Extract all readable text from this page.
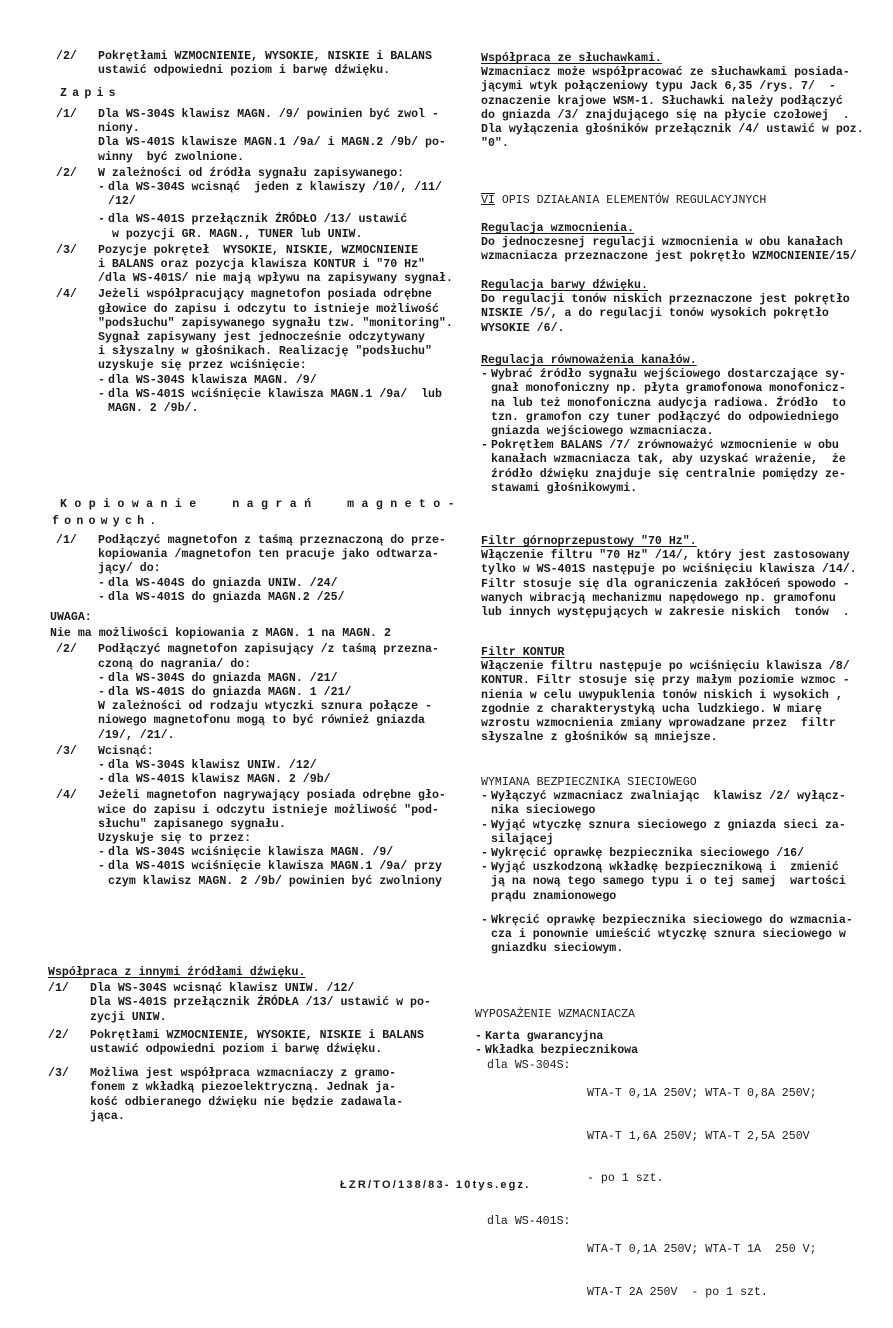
/2/ Pokrętłami WZMOCNIENIE, WYSOKIE, NISKIE i BALANS
ustawić odpowiedni poziom i barwę dźwięku.
Zapis
/1/ Dla WS-304S klawisz MAGN. /9/ powinien być zwol -
niony.
Dla WS-401S klawisze MAGN.1 /9a/ i MAGN.2 /9b/ po-
winny  być zwolnione.
/2/ W zależności od źródła sygnału zapisywanego:
- dla WS-304S wcisnąć  jeden z klawiszy /10/, /11/
/12/
- dla WS-401S przełącznik ŹRÓDŁO /13/ ustawić
w pozycji GR. MAGN., TUNER lub UNIW.
/3/ Pozycje pokręteł  WYSOKIE, NISKIE, WZMOCNIENIE
i BALANS oraz pozycja klawisza KONTUR i "70 Hz"
/dla WS-401S/ nie mają wpływu na zapisywany sygnał.
/4/ Jeżeli współpracujący magnetofon posiada odrębne
głowice do zapisu i odczytu to istnieje możliwość
"podsłuchu" zapisywanego sygnału tzw. "monitoring".
Sygnał zapisywany jest jednocześnie odczytywany
i słyszalny w głośnikach. Realizację "podsłuchu"
uzyskuje się przez wciśnięcie:
- dla WS-304S klawisza MAGN. /9/
- dla WS-401S wciśnięcie klawisza MAGN.1 /9a/  lub
MAGN. 2 /9b/.
Kopiowanie  nagrań  magneto-
fonowych.
/1/ Podłączyć magnetofon z taśmą przeznaczoną do prze-
kopiowania /magnetofon ten pracuje jako odtwarza-
jący/ do:
- dla WS-404S do gniazda UNIW. /24/
- dla WS-401S do gniazda MAGN.2 /25/
UWAGA:
Nie ma możliwości kopiowania z MAGN. 1 na MAGN. 2
/2/ Podłączyć magnetofon zapisujący /z taśmą przezna-
czoną do nagrania/ do:
- dla WS-304S do gniazda MAGN. /21/
- dla WS-401S do gniazda MAGN. 1 /21/
W zależności od rodzaju wtyczki sznura połącze -
niowego magnetofonu mogą to być również gniazda
/19/, /21/.
/3/ Wcisnąć:
- dla WS-304S klawisz UNIW. /12/
- dla WS-401S klawisz MAGN. 2 /9b/
/4/ Jeżeli magnetofon nagrywający posiada odrębne gło-
wice do zapisu i odczytu istnieje możliwość "pod-
słuchu" zapisanego sygnału.
Uzyskuje się to przez:
- dla WS-304S wciśnięcie klawisza MAGN. /9/
- dla WS-401S wciśnięcie klawisza MAGN.1 /9a/ przy
czym klawisz MAGN. 2 /9b/ powinien być zwolniony
Współpraca z innymi źródłami dźwięku.
/1/ Dla WS-304S wcisnąć klawisz UNIW. /12/
Dla WS-401S przełącznik ŹRÓDŁA /13/ ustawić w po-
zycji UNIW.
/2/ Pokrętłami WZMOCNIENIE, WYSOKIE, NISKIE i BALANS
ustawić odpowiedni poziom i barwę dźwięku.
/3/ Możliwa jest współpraca wzmacniaczy z gramo-
fonem z wkładką piezoelektryczną. Jednak ja-
kość odbieranego dźwięku nie będzie zadawala-
jąca.
Współpraca ze słuchawkami.
Wzmacniacz może współpracować ze słuchawkami posiada-
jącymi wtyk połączeniowy typu Jack 6,35 /rys. 7/  -
oznaczenie krajowe WSM-1. Słuchawki należy podłączyć
do gniazda /3/ znajdującego się na płycie czołowej  .
Dla wyłączenia głośników przełącznik /4/ ustawić w poz.
"0".
VI OPIS DZIAŁANIA ELEMENTÓW REGULACYJNYCH
Regulacja wzmocnienia.
Do jednoczesnej regulacji wzmocnienia w obu kanałach
wzmacniacza przeznaczone jest pokrętło WZMOCNIENIE/15/
Regulacja barwy dźwięku.
Do regulacji tonów niskich przeznaczone jest pokrętło
NISKIE /5/, a do regulacji tonów wysokich pokrętło
WYSOKIE /6/.
Regulacja równoważenia kanałów.
- Wybrać źródło sygnału wejściowego dostarczające sy-
gnał monofoniczny np. płyta gramofonowa monofonicz-
na lub też monofoniczna audycja radiowa. Źródło  to
tzn. gramofon czy tuner podłączyć do odpowiedniego
gniazda wejściowego wzmacniacza.
- Pokrętłem BALANS /7/ zrównoważyć wzmocnienie w obu
kanałach wzmacniacza tak, aby uzyskać wrażenie,  że
źródło dźwięku znajduje się centralnie pomiędzy ze-
stawami głośnikowymi.
Filtr górnoprzepustowy "70 Hz".
Włączenie filtru "70 Hz" /14/, który jest zastosowany
tylko w WS-401S następuje po wciśnięciu klawisza /14/.
Filtr stosuje się dla ograniczenia zakłóceń spowodo -
wanych wibracją mechanizmu napędowego np. gramofonu
lub innych występujących w zakresie niskich  tonów  .
Filtr KONTUR
Włączenie filtru następuje po wciśnięciu klawisza /8/
KONTUR. Filtr stosuje się przy małym poziomie wzmoc -
nienia w celu uwypuklenia tonów niskich i wysokich ,
zgodnie z charakterystyką ucha ludzkiego. W miarę
wzrostu wzmocnienia zmiany wprowadzane przez  filtr
słyszalne z głośników są mniejsze.
WYMIANA BEZPIECZNIKA SIECIOWEGO
- Wyłączyć wzmacniacz zwalniając  klawisz /2/ wyłącz-
nika sieciowego
- Wyjąć wtyczkę sznura sieciowego z gniazda sieci za-
silającej
- Wykręcić oprawkę bezpiecznika sieciowego /16/
- Wyjąć uszkodzoną wkładkę bezpiecznikową i  zmienić
ją na nową tego samego typu i o tej samej  wartości
prądu znamionowego
- Wkręcić oprawkę bezpiecznika sieciowego do wzmacnia-
cza i ponownie umieścić wtyczkę sznura sieciowego w
gniazdku sieciowym.
WYPOSAŻENIE WZMACNIACZA
- Karta gwarancyjna
- Wkładka bezpiecznikowa
dla WS-304S:

WTA-T 0,1A 250V; WTA-T 0,8A 250V;

WTA-T 1,6A 250V; WTA-T 2,5A 250V

- po 1 szt.

dla WS-401S:

WTA-T 0,1A 250V; WTA-T 1A  250 V;

WTA-T 2A 250V  - po 1 szt.

ŁZR/TO/138/83- 10tys.egz.
